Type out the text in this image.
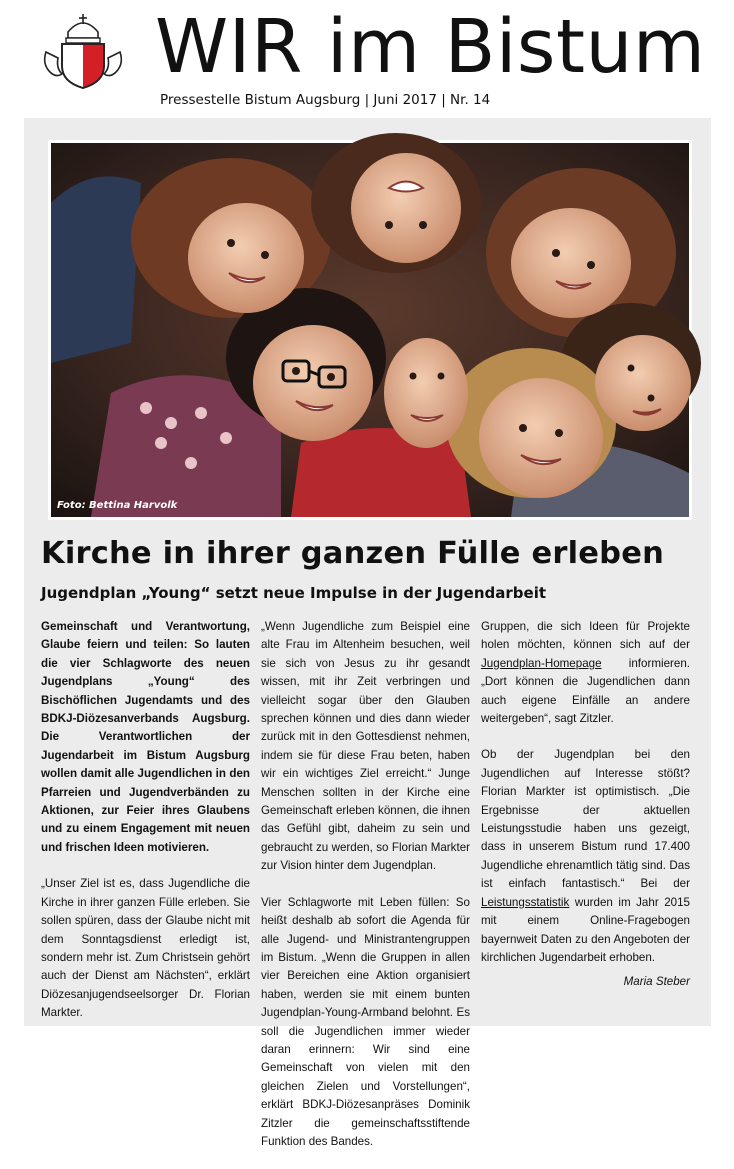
WIR im Bistum
Pressestelle Bistum Augsburg | Juni 2017 | Nr. 14
Foto: Bettina Harvolk
Kirche in ihrer ganzen Fülle erleben
Jugendplan „Young“ setzt neue Impulse in der Jugendarbeit

Gemeinschaft und Verantwortung, Glaube feiern und teilen: So lauten die vier Schlagworte des neuen Jugendplans „Young“ des Bischöflichen Jugendamts und des BDKJ-Diözesanverbands Augsburg. Die Verantwortlichen der Jugendarbeit im Bistum Augsburg wollen damit alle Jugendlichen in den Pfarreien und Jugendverbänden zu Aktionen, zur Feier ihres Glaubens und zu einem Engagement mit neuen und frischen Ideen motivieren.

„Unser Ziel ist es, dass Jugendliche die Kirche in ihrer ganzen Fülle erleben. Sie sollen spüren, dass der Glaube nicht mit dem Sonntagsdienst erledigt ist, sondern mehr ist. Zum Christsein gehört auch der Dienst am Nächsten“, erklärt Diözesanjugendseelsorger Dr. Florian Markter.

„Wenn Jugendliche zum Beispiel eine alte Frau im Altenheim besuchen, weil sie sich von Jesus zu ihr gesandt wissen, mit ihr Zeit verbringen und vielleicht sogar über den Glauben sprechen können und dies dann wieder zurück mit in den Gottesdienst nehmen, indem sie für diese Frau beten, haben wir ein wichtiges Ziel erreicht.“ Junge Menschen sollten in der Kirche eine Gemeinschaft erleben können, die ihnen das Gefühl gibt, daheim zu sein und gebraucht zu werden, so Florian Markter zur Vision hinter dem Jugendplan.

Vier Schlagworte mit Leben füllen: So heißt deshalb ab sofort die Agenda für alle Jugend- und Ministrantengruppen im Bistum. „Wenn die Gruppen in allen vier Bereichen eine Aktion organisiert haben, werden sie mit einem bunten Jugendplan-Young-Armband belohnt. Es soll die Jugendlichen immer wieder daran erinnern: Wir sind eine Gemeinschaft von vielen mit den gleichen Zielen und Vorstellungen“, erklärt BDKJ-Diözesanpräses Dominik Zitzler die gemeinschaftsstiftende Funktion des Bandes.

Gruppen, die sich Ideen für Projekte holen möchten, können sich auf der Jugendplan-Homepage informieren. „Dort können die Jugendlichen dann auch eigene Einfälle an andere weitergeben“, sagt Zitzler.

Ob der Jugendplan bei den Jugendlichen auf Interesse stößt? Florian Markter ist optimistisch. „Die Ergebnisse der aktuellen Leistungsstudie haben uns gezeigt, dass in unserem Bistum rund 17.400 Jugendliche ehrenamtlich tätig sind. Das ist einfach fantastisch.“ Bei der Leistungsstatistik wurden im Jahr 2015 mit einem Online-Fragebogen bayernweit Daten zu den Angeboten der kirchlichen Jugendarbeit erhoben.

Maria Steber
